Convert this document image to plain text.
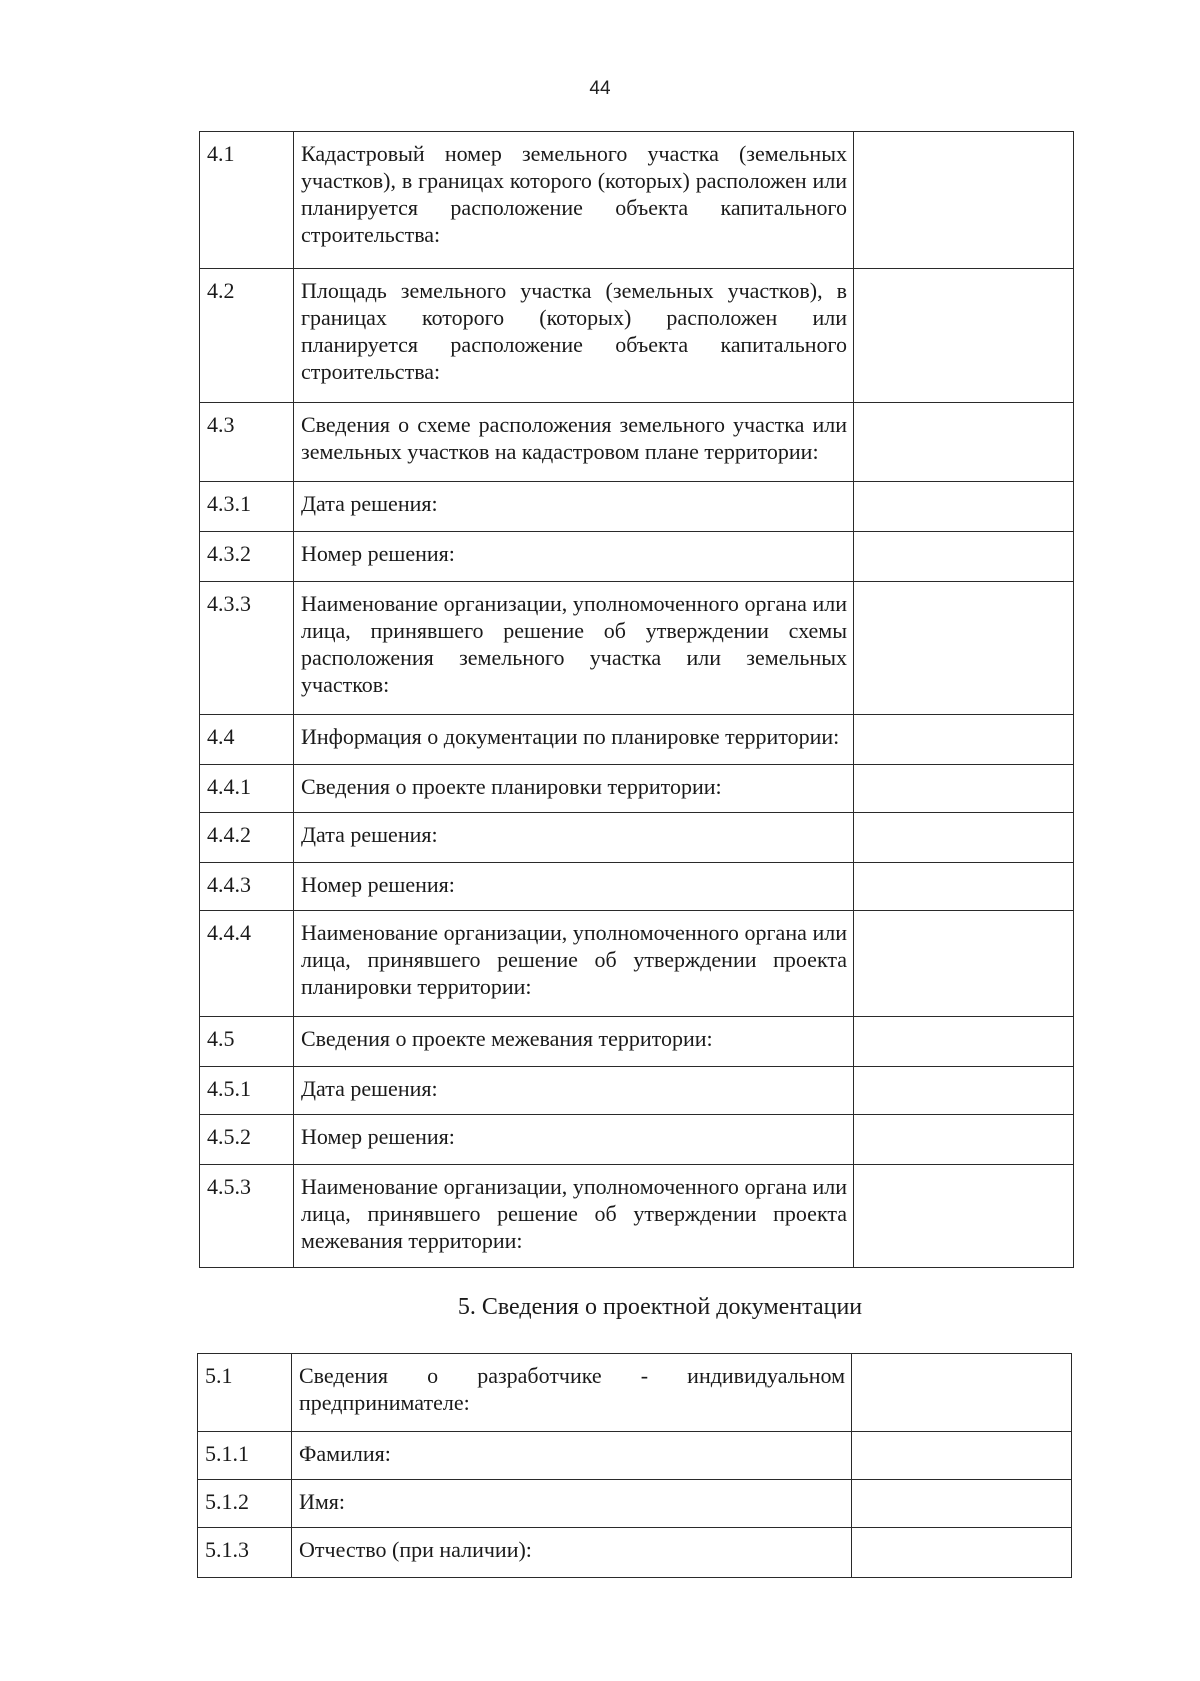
44
4.1	Кадастровый номер земельного участка (земельных участков), в границах которого (которых) расположен или планируется расположение объекта капитального строительства:	
4.2	Площадь земельного участка (земельных участков), в границах которого (которых) расположен или планируется расположение объекта капитального строительства:	
4.3	Сведения о схеме расположения земельного участка или земельных участков на кадастровом плане территории:	
4.3.1	Дата решения:	
4.3.2	Номер решения:	
4.3.3	Наименование организации, уполномоченного органа или лица, принявшего решение об утверждении схемы расположения земельного участка или земельных участков:	
4.4	Информация о документации по планировке территории:	
4.4.1	Сведения о проекте планировки территории:	
4.4.2	Дата решения:	
4.4.3	Номер решения:	
4.4.4	Наименование организации, уполномоченного органа или лица, принявшего решение об утверждении проекта планировки территории:	
4.5	Сведения о проекте межевания территории:	
4.5.1	Дата решения:	
4.5.2	Номер решения:	
4.5.3	Наименование организации, уполномоченного органа или лица, принявшего решение об утверждении проекта межевания территории:	
5. Сведения о проектной документации
5.1	Сведения о разработчике - индивидуальном предпринимателе:	
5.1.1	Фамилия:	
5.1.2	Имя:	
5.1.3	Отчество (при наличии):	
